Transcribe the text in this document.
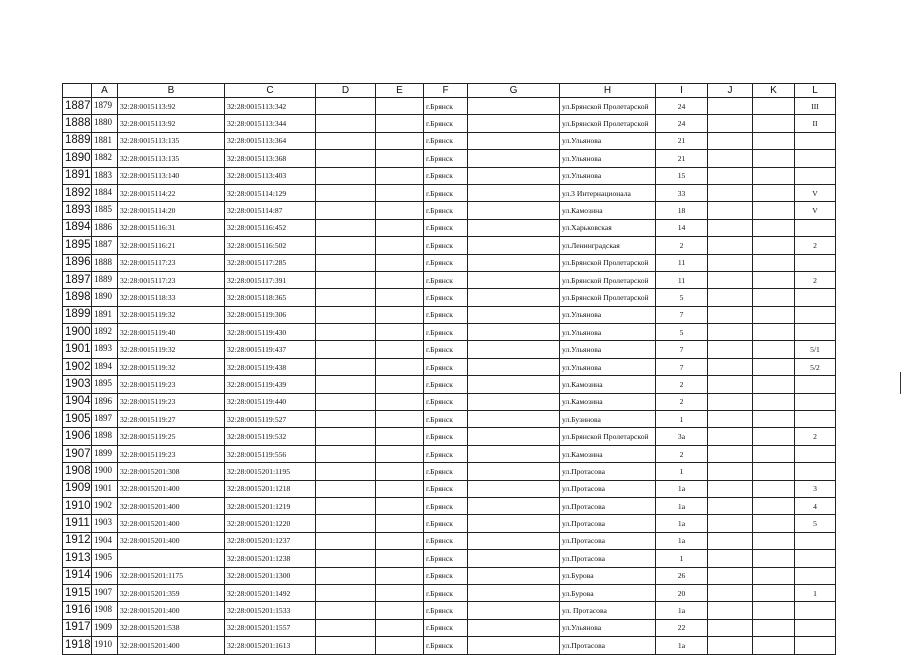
	A	B	C	D	E	F	G	H	I	J	K	L
1887	1879	32:28:0015113:92	32:28:0015113:342			г.Брянск		ул.Брянской Пролетарской	24			III
1888	1880	32:28:0015113:92	32:28:0015113:344			г.Брянск		ул.Брянской Пролетарской	24			II
1889	1881	32:28:0015113:135	32:28:0015113:364			г.Брянск		ул.Ульянова	21			
1890	1882	32:28:0015113:135	32:28:0015113:368			г.Брянск		ул.Ульянова	21			
1891	1883	32:28:0015113:140	32:28:0015113:403			г.Брянск		ул.Ульянова	15			
1892	1884	32:28:0015114:22	32:28:0015114:129			г.Брянск		ул.3 Интернационала	33			V
1893	1885	32:28:0015114:20	32:28:0015114:87			г.Брянск		ул.Камозина	18			V
1894	1886	32:28:0015116:31	32:28:0015116:452			г.Брянск		ул.Харьковская	14			
1895	1887	32:28:0015116:21	32:28:0015116:502			г.Брянск		ул.Ленинградская	2			2
1896	1888	32:28:0015117:23	32:28:0015117:285			г.Брянск		ул.Брянской Пролетарской	11			
1897	1889	32:28:0015117:23	32:28:0015117:391			г.Брянск		ул.Брянской Пролетарской	11			2
1898	1890	32:28:0015118:33	32:28:0015118:365			г.Брянск		ул.Брянской Пролетарской	5			
1899	1891	32:28:0015119:32	32:28:0015119:306			г.Брянск		ул.Ульянова	7			
1900	1892	32:28:0015119:40	32:28:0015119:430			г.Брянск		ул.Ульянова	5			
1901	1893	32:28:0015119:32	32:28:0015119:437			г.Брянск		ул.Ульянова	7			5/1
1902	1894	32:28:0015119:32	32:28:0015119:438			г.Брянск		ул.Ульянова	7			5/2
1903	1895	32:28:0015119:23	32:28:0015119:439			г.Брянск		ул.Камозина	2			
1904	1896	32:28:0015119:23	32:28:0015119:440			г.Брянск		ул.Камозина	2			
1905	1897	32:28:0015119:27	32:28:0015119:527			г.Брянск		ул.Бузинова	1			
1906	1898	32:28:0015119:25	32:28:0015119:532			г.Брянск		ул.Брянской Пролетарской	3а			2
1907	1899	32:28:0015119:23	32:28:0015119:556			г.Брянск		ул.Камозина	2			
1908	1900	32:28:0015201:308	32:28:0015201:1195			г.Брянск		ул.Протасова	1			
1909	1901	32:28:0015201:400	32:28:0015201:1218			г.Брянск		ул.Протасова	1а			3
1910	1902	32:28:0015201:400	32:28:0015201:1219			г.Брянск		ул.Протасова	1а			4
1911	1903	32:28:0015201:400	32:28:0015201:1220			г.Брянск		ул.Протасова	1а			5
1912	1904	32:28:0015201:400	32:28:0015201:1237			г.Брянск		ул.Протасова	1а			
1913	1905		32:28:0015201:1238			г.Брянск		ул.Протасова	1			
1914	1906	32:28:0015201:1175	32:28:0015201:1300			г.Брянск		ул.Бурова	26			
1915	1907	32:28:0015201:359	32:28:0015201:1492			г.Брянск		ул.Бурова	20			1
1916	1908	32:28:0015201:400	32:28:0015201:1533			г.Брянск		ул. Протасова	1а			
1917	1909	32:28:0015201:538	32:28:0015201:1557			г.Брянск		ул.Ульянова	22			
1918	1910	32:28:0015201:400	32:28:0015201:1613			г.Брянск		ул.Протасова	1а			
